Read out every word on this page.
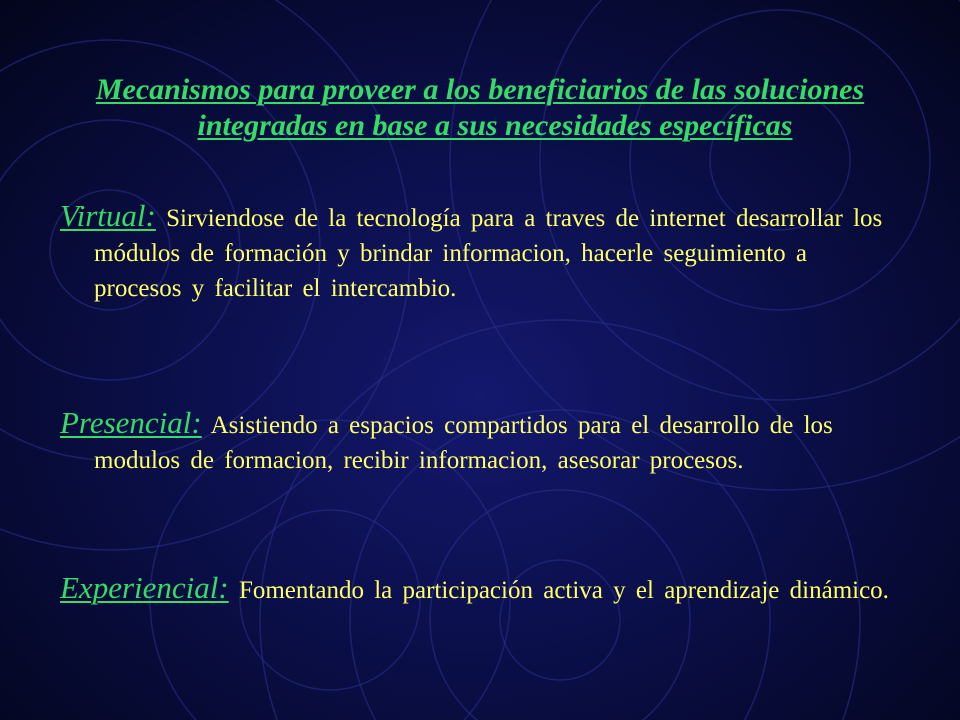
Mecanismos para proveer a los beneficiarios de las soluciones integradas en base a sus necesidades específicas

Virtual: Sirviendose de la tecnología para a traves de internet desarrollar los módulos de formación y brindar informacion, hacerle seguimiento a procesos y facilitar el intercambio.

Presencial: Asistiendo a espacios compartidos para el desarrollo de los modulos de formacion, recibir informacion, asesorar procesos.

Experiencial: Fomentando la participación activa y el aprendizaje dinámico.
